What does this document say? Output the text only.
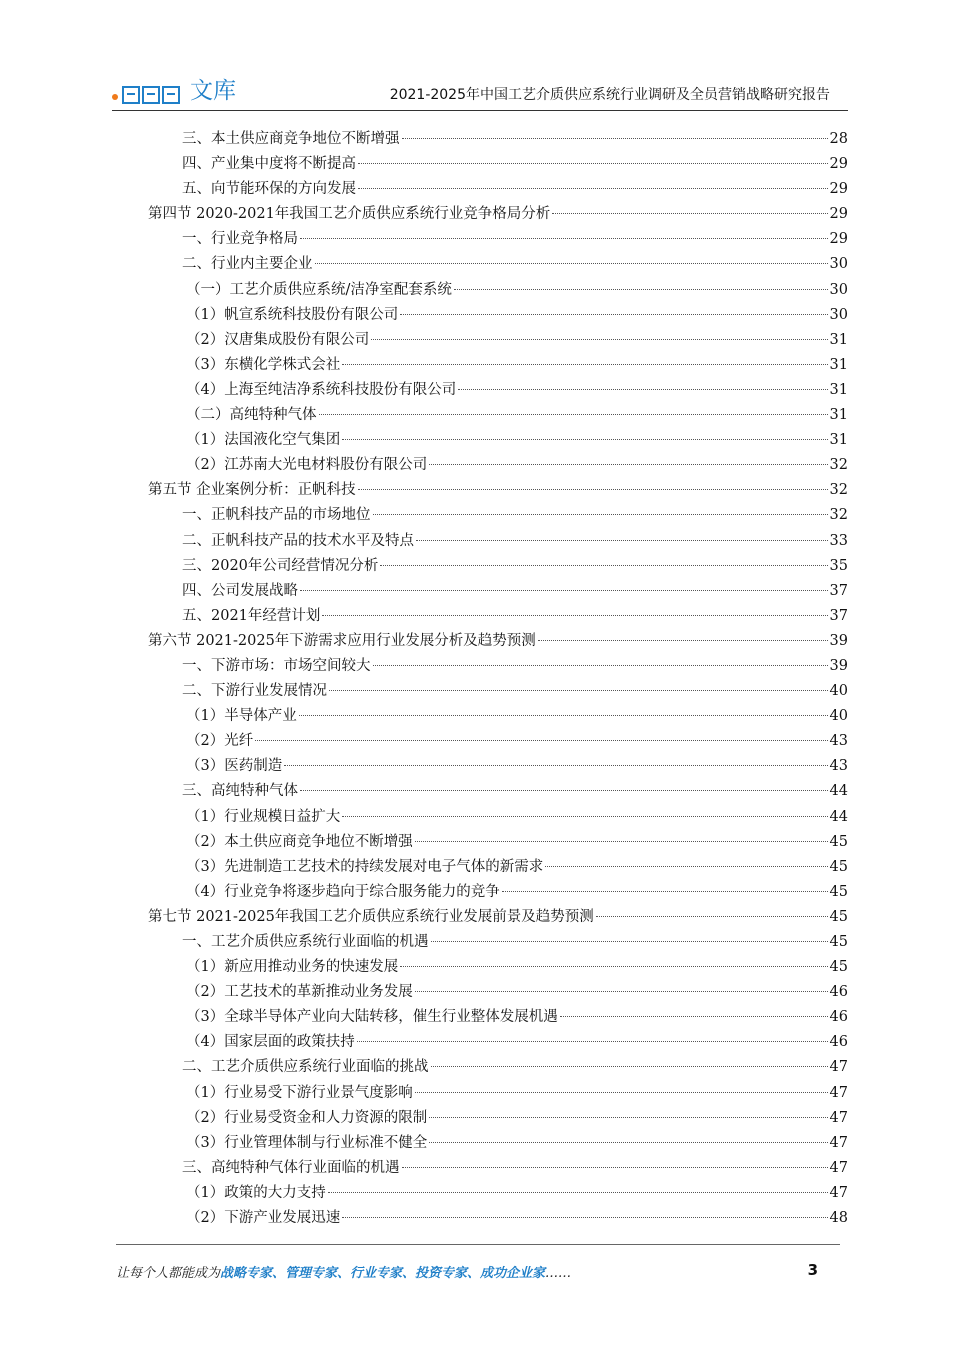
文库	2021-2025年中国工艺介质供应系统行业调研及全员营销战略研究报告
三、本土供应商竞争地位不断增强	28
四、产业集中度将不断提高	29
五、向节能环保的方向发展	29
第四节 2020-2021年我国工艺介质供应系统行业竞争格局分析	29
一、行业竞争格局	29
二、行业内主要企业	30
（一）工艺介质供应系统/洁净室配套系统	30
（1）帆宣系统科技股份有限公司	30
（2）汉唐集成股份有限公司	31
（3）东横化学株式会社	31
（4）上海至纯洁净系统科技股份有限公司	31
（二）高纯特种气体	31
（1）法国液化空气集团	31
（2）江苏南大光电材料股份有限公司	32
第五节 企业案例分析：正帆科技	32
一、正帆科技产品的市场地位	32
二、正帆科技产品的技术水平及特点	33
三、2020年公司经营情况分析	35
四、公司发展战略	37
五、2021年经营计划	37
第六节 2021-2025年下游需求应用行业发展分析及趋势预测	39
一、下游市场：市场空间较大	39
二、下游行业发展情况	40
（1）半导体产业	40
（2）光纤	43
（3）医药制造	43
三、高纯特种气体	44
（1）行业规模日益扩大	44
（2）本土供应商竞争地位不断增强	45
（3）先进制造工艺技术的持续发展对电子气体的新需求	45
（4）行业竞争将逐步趋向于综合服务能力的竞争	45
第七节 2021-2025年我国工艺介质供应系统行业发展前景及趋势预测	45
一、工艺介质供应系统行业面临的机遇	45
（1）新应用推动业务的快速发展	45
（2）工艺技术的革新推动业务发展	46
（3）全球半导体产业向大陆转移，催生行业整体发展机遇	46
（4）国家层面的政策扶持	46
二、工艺介质供应系统行业面临的挑战	47
（1）行业易受下游行业景气度影响	47
（2）行业易受资金和人力资源的限制	47
（3）行业管理体制与行业标准不健全	47
三、高纯特种气体行业面临的机遇	47
（1）政策的大力支持	47
（2）下游产业发展迅速	48
让每个人都能成为战略专家、管理专家、行业专家、投资专家、成功企业家……	3
